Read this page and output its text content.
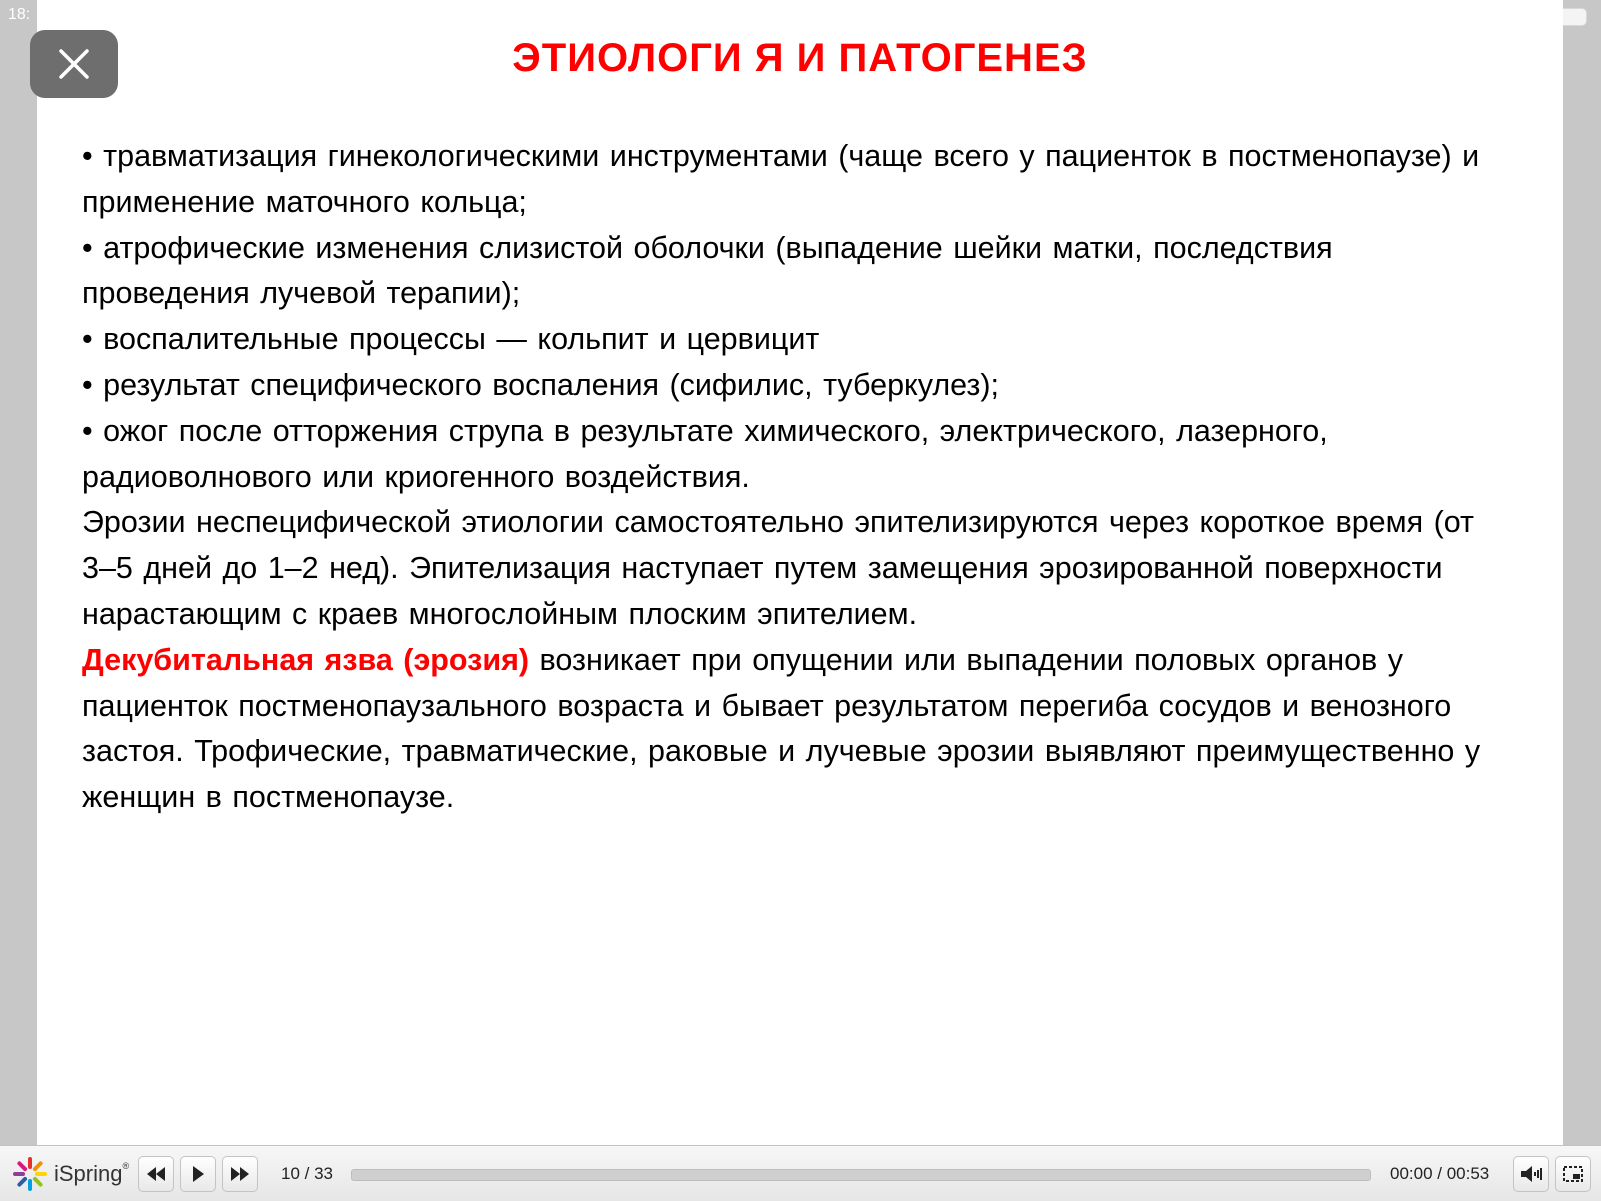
18:
ЭТИОЛОГИ Я И ПАТОГЕНЕЗ

• травматизация гинекологическими инструментами (чаще всего у пациенток в постменопаузе) и применение маточного кольца;

• атрофические изменения слизистой оболочки (выпадение шейки матки, последствия проведения лучевой терапии);

• воспалительные процессы — кольпит и цервицит

• результат специфического воспаления (сифилис, туберкулез);

• ожог после отторжения струпа в результате химического, электрического, лазерного, радиоволнового или криогенного воздействия.

Эрозии неспецифической этиологии самостоятельно эпителизируются через короткое время (от 3–5 дней до 1–2 нед). Эпителизация наступает путем замещения эрозированной поверхности нарастающим с краев многослойным плоским эпителием.

Декубитальная язва (эрозия) возникает при опущении или выпадении половых органов у пациенток постменопаузального возраста и бывает результатом перегиба сосудов и венозного застоя. Трофические, травматические, раковые и лучевые эрозии выявляют преимущественно у женщин в постменопаузе.

iSpring®	10 / 33	00:00 / 00:53
